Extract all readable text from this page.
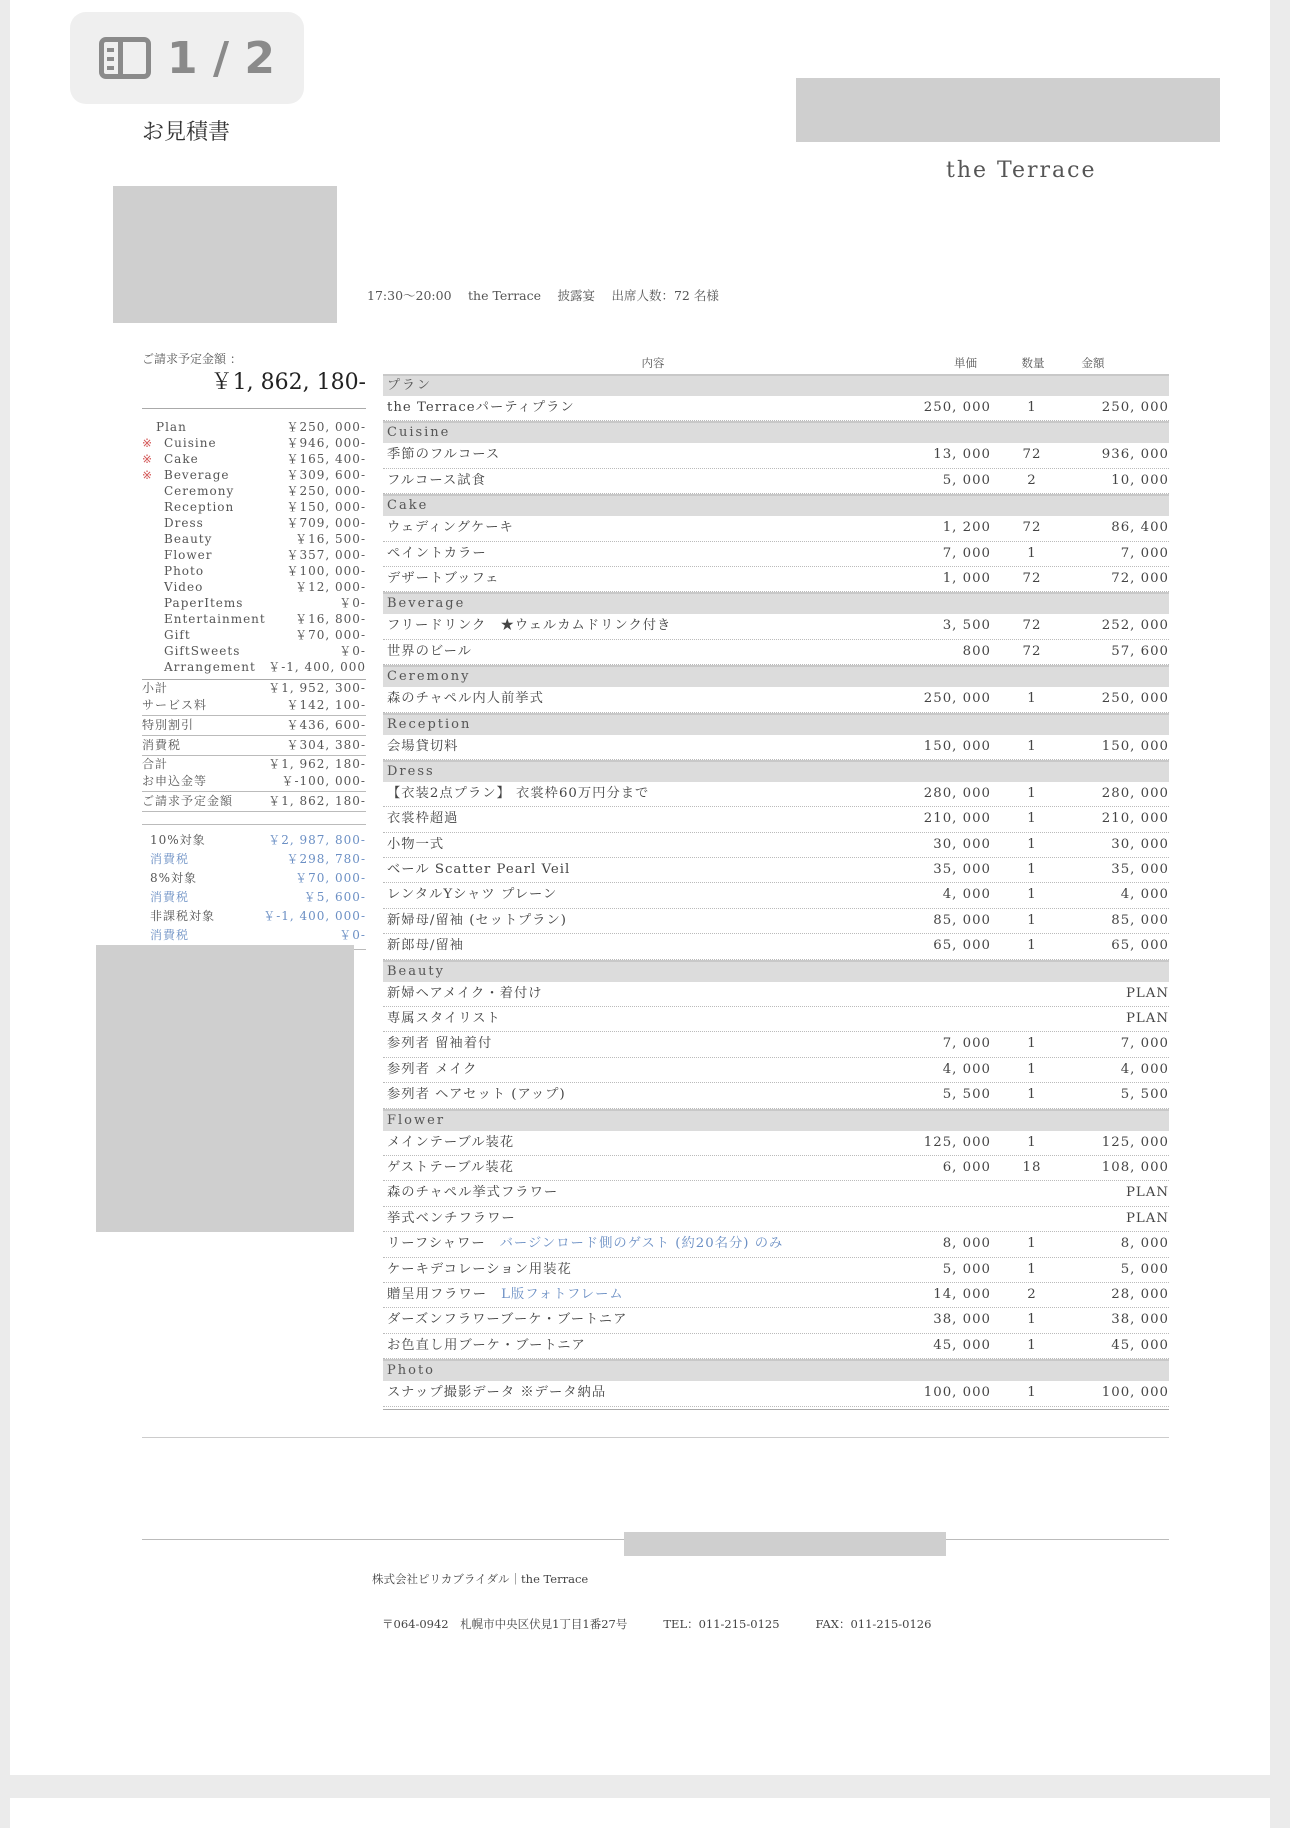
1 / 2
お見積書
the Terrace
17:30～20:00　 the Terrace　 披露宴　 出席人数：72 名様
ご請求予定金額 ：
￥1, 862, 180-
Plan	￥250, 000-
※ Cuisine	￥946, 000-
※ Cake	￥165, 400-
※ Beverage	￥309, 600-
Ceremony	￥250, 000-
Reception	￥150, 000-
Dress	￥709, 000-
Beauty	￥16, 500-
Flower	￥357, 000-
Photo	￥100, 000-
Video	￥12, 000-
PaperItems	￥0-
Entertainment ￥16, 800-
Gift	￥70, 000-
GiftSweets	￥0-
Arrangement ￥-1, 400, 000
小計	￥1, 952, 300-
サービス料	￥142, 100-
特別割引	￥436, 600-
消費税	￥304, 380-
合計	￥1, 962, 180-
お申込金等	￥-100, 000-
ご請求予定金額	￥1, 862, 180-
10%対象	￥2, 987, 800-
消費税	￥298, 780-
8%対象	￥70, 000-
消費税	￥5, 600-
非課税対象	￥-1, 400, 000-
消費税	￥0-
内容	単価	数量	金額
プラン
the Terraceパーティプラン	250, 000	1	250, 000
Cuisine
季節のフルコース	13, 000	72	936, 000
フルコース試食	5, 000	2	10, 000
Cake
ウェディングケーキ	1, 200	72	86, 400
ペイントカラー	7, 000	1	7, 000
デザートブッフェ	1, 000	72	72, 000
Beverage
フリードリンク　★ウェルカムドリンク付き	3, 500	72	252, 000
世界のビール	800	72	57, 600
Ceremony
森のチャペル内人前挙式	250, 000	1	250, 000
Reception
会場貸切料	150, 000	1	150, 000
Dress
【衣装2点プラン】 衣裳枠60万円分まで	280, 000	1	280, 000
衣裳枠超過	210, 000	1	210, 000
小物一式	30, 000	1	30, 000
ベール Scatter Pearl Veil	35, 000	1	35, 000
レンタルYシャツ プレーン	4, 000	1	4, 000
新婦母/留袖 (セットプラン)	85, 000	1	85, 000
新郎母/留袖	65, 000	1	65, 000
Beauty
新婦ヘアメイク・着付け	PLAN
専属スタイリスト	PLAN
参列者 留袖着付	7, 000	1	7, 000
参列者 メイク	4, 000	1	4, 000
参列者 ヘアセット (アップ)	5, 500	1	5, 500
Flower
メインテーブル装花	125, 000	1	125, 000
ゲストテーブル装花	6, 000	18	108, 000
森のチャペル挙式フラワー	PLAN
挙式ベンチフラワー	PLAN
リーフシャワー バージンロード側のゲスト (約20名分) のみ	8, 000	1	8, 000
ケーキデコレーション用装花	5, 000	1	5, 000
贈呈用フラワー L版フォトフレーム	14, 000	2	28, 000
ダーズンフラワーブーケ・ブートニア	38, 000	1	38, 000
お色直し用ブーケ・ブートニア	45, 000	1	45, 000
Photo
スナップ撮影データ ※データ納品	100, 000	1	100, 000

株式会社ピリカブライダル｜the Terrace

〒064-0942　札幌市中央区伏見1丁目1番27号	TEL：011-215-0125	FAX：011-215-0126
